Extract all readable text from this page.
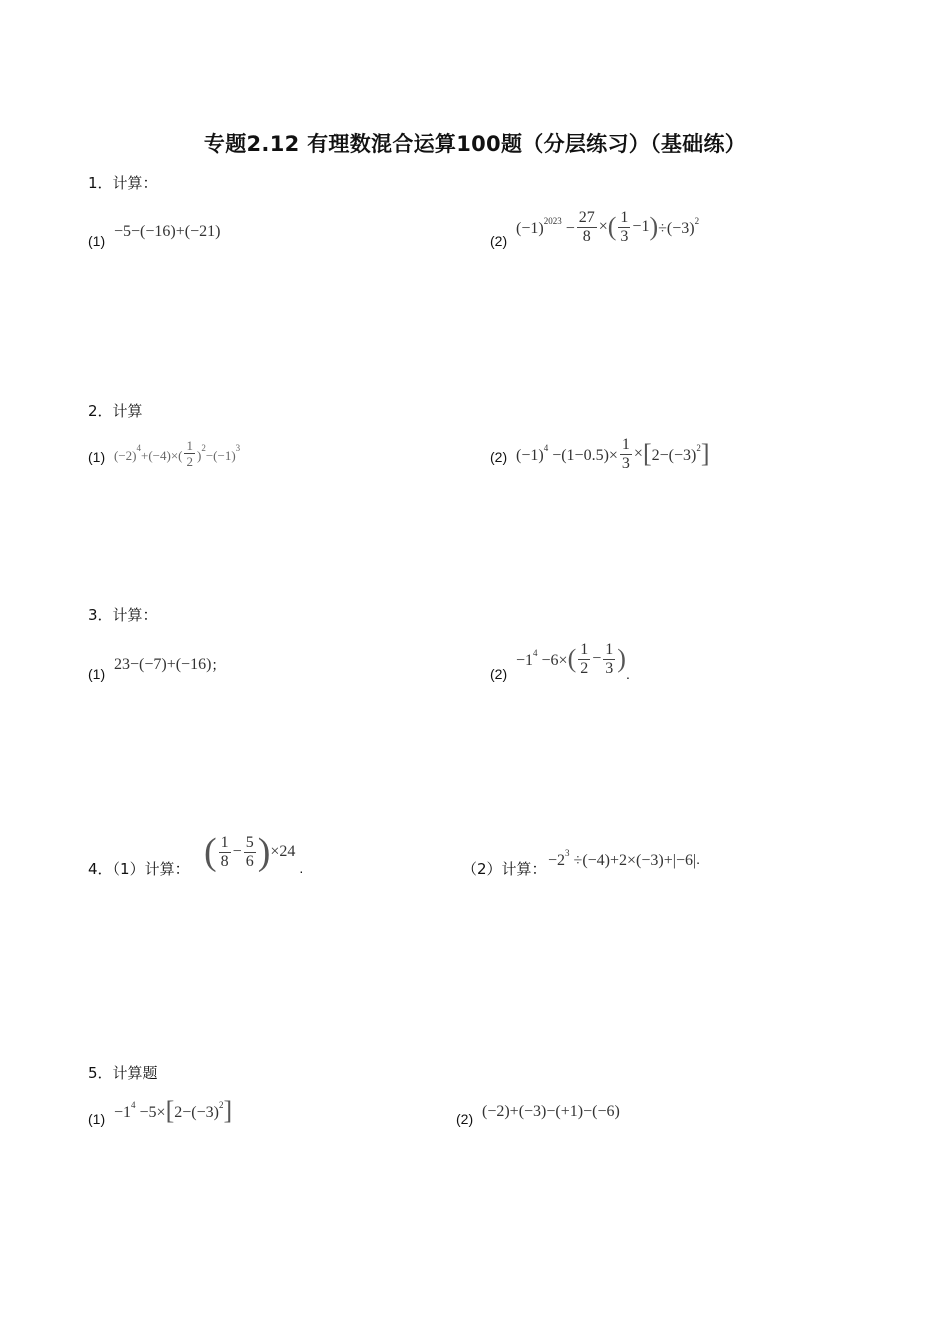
专题2.12 有理数混合运算100题（分层练习）（基础练）
1．计算：
(1)
−5−(−16)+(−21)
(2)
$(-1)^{2023} - \frac{27}{8}$ × ( $\frac{1}{3} -1$ ) $\div(-3)^2$
2．计算
(1) $(-2)^4+(-4)\times( \frac{1}{2} )^2-(-1)^3$
(2) $(-1)^4 -(1-0.5)\times \frac{1}{3}$ × [ $2-(-3)^2$ ]
3．计算：
(1)
23−(−7)+(−16) ；
(2)
$-1^4 -6\times$ ( $\frac{1}{2} - \frac{1}{3}$ )
.
4．（1）计算： ( $\frac{1}{8} - \frac{5}{6}$ ) ×24
.	（2）计算： $-2^3 \div(-4)+2\times(-3)+|-6|$ .
5．计算题
$(1) -1^4 -5\times$ [ $2-(-3)^2$ ]	(2) (−2)+(−3)−(+1)−(−6)
